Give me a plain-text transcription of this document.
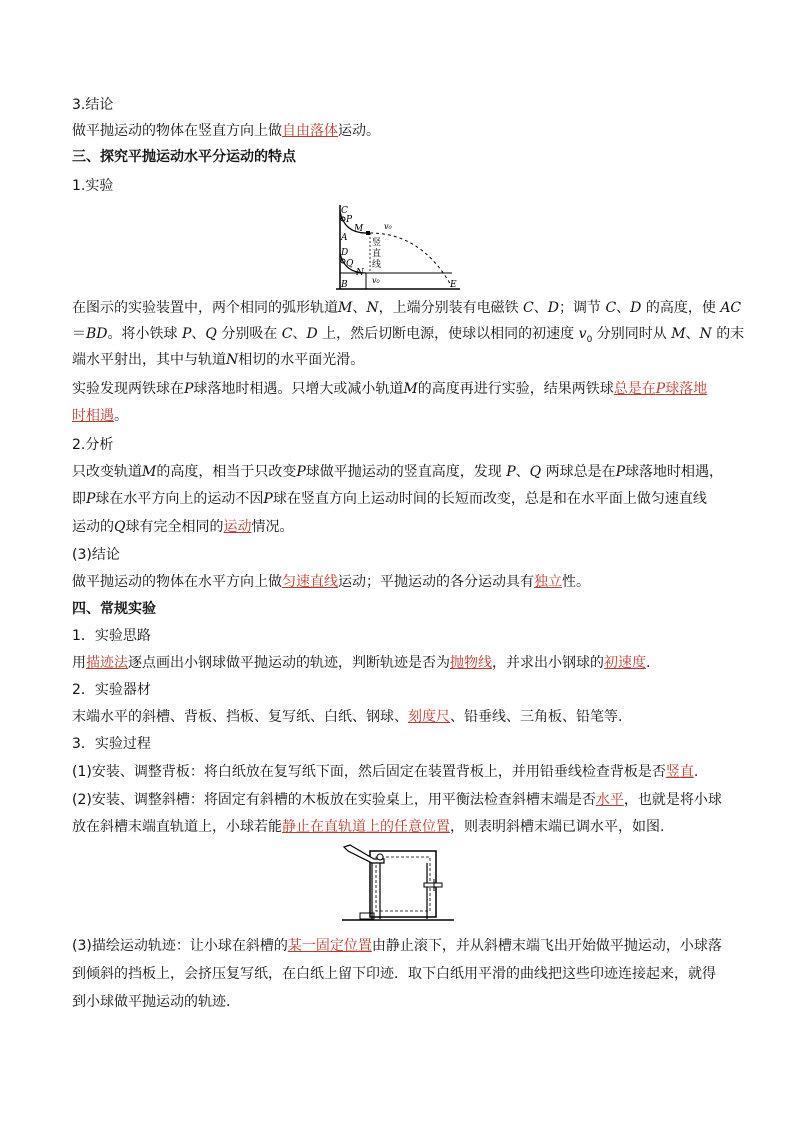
3.结论
做平抛运动的物体在竖直方向上做自由落体运动。
三、探究平抛运动水平分运动的特点
1.实验
C
P
M	v₀
A	竖
直
线
D
Q
N
B	v₀	E
在图示的实验装置中，两个相同的弧形轨道M、N，上端分别装有电磁铁 C、D；调节 C、D 的高度，使 AC
＝BD。将小铁球 P、Q 分别吸在 C、D 上，然后切断电源，使球以相同的初速度 $v_0$ 分别同时从 M、N 的末
端水平射出，其中与轨道N相切的水平面光滑。
实验发现两铁球在P球落地时相遇。只增大或减小轨道M的高度再进行实验，结果两铁球总是在P球落地
时相遇。
2.分析
只改变轨道M的高度，相当于只改变P球做平抛运动的竖直高度，发现 P、Q 两球总是在P球落地时相遇，
即P球在水平方向上的运动不因P球在竖直方向上运动时间的长短而改变，总是和在水平面上做匀速直线
运动的Q球有完全相同的运动情况。
(3)结论
做平抛运动的物体在水平方向上做匀速直线运动；平抛运动的各分运动具有独立性。
四、常规实验
1．实验思路
用描迹法逐点画出小钢球做平抛运动的轨迹，判断轨迹是否为抛物线，并求出小钢球的初速度.
2．实验器材
末端水平的斜槽、背板、挡板、复写纸、白纸、钢球、刻度尺、铅垂线、三角板、铅笔等.
3．实验过程
(1)安装、调整背板：将白纸放在复写纸下面，然后固定在装置背板上，并用铅垂线检查背板是否竖直.
(2)安装、调整斜槽：将固定有斜槽的木板放在实验桌上，用平衡法检查斜槽末端是否水平，也就是将小球
放在斜槽末端直轨道上，小球若能静止在直轨道上的任意位置，则表明斜槽末端已调水平，如图.
(3)描绘运动轨迹：让小球在斜槽的某一固定位置由静止滚下，并从斜槽末端飞出开始做平抛运动，小球落
到倾斜的挡板上，会挤压复写纸，在白纸上留下印迹．取下白纸用平滑的曲线把这些印迹连接起来，就得
到小球做平抛运动的轨迹.
